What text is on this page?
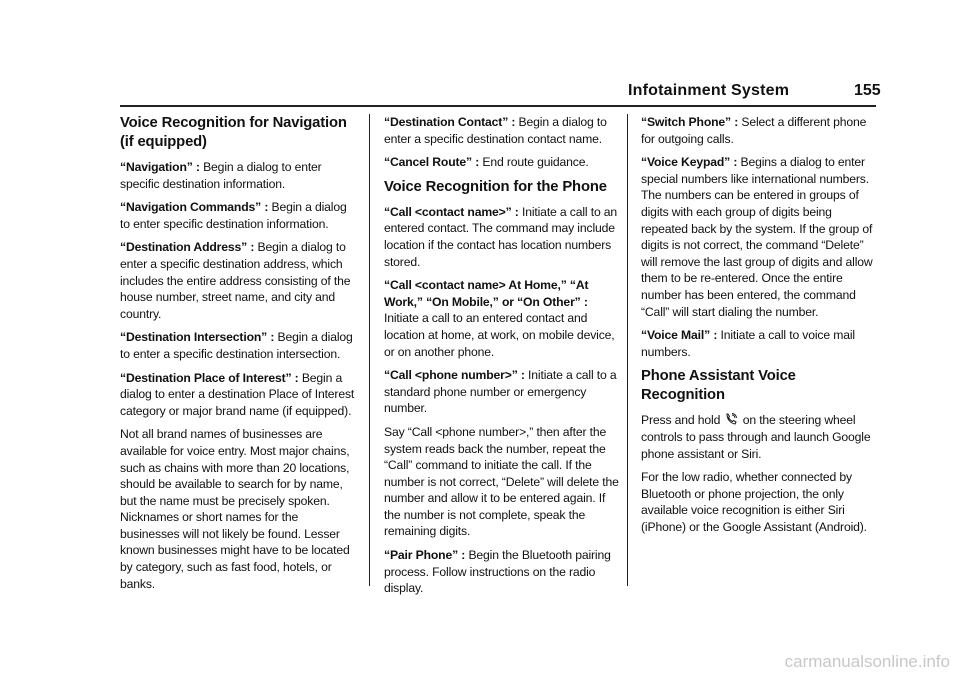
Infotainment System	155
Voice Recognition for Navigation (if equipped)

“Navigation” : Begin a dialog to enter specific destination information.

“Navigation Commands” : Begin a dialog to enter specific destination information.

“Destination Address” : Begin a dialog to enter a specific destination address, which includes the entire address consisting of the house number, street name, and city and country.

“Destination Intersection” : Begin a dialog to enter a specific destination intersection.

“Destination Place of Interest” : Begin a dialog to enter a destination Place of Interest category or major brand name (if equipped).

Not all brand names of businesses are available for voice entry. Most major chains, such as chains with more than 20 locations, should be available to search for by name, but the name must be precisely spoken. Nicknames or short names for the businesses will not likely be found. Lesser known businesses might have to be located by category, such as fast food, hotels, or banks.

“Destination Contact” : Begin a dialog to enter a specific destination contact name.

“Cancel Route” : End route guidance.

Voice Recognition for the Phone

“Call <contact name>” : Initiate a call to an entered contact. The command may include location if the contact has location numbers stored.

“Call <contact name> At Home,” “At Work,” “On Mobile,” or “On Other” : Initiate a call to an entered contact and location at home, at work, on mobile device, or on another phone.

“Call <phone number>” : Initiate a call to a standard phone number or emergency number.

Say “Call <phone number>,” then after the system reads back the number, repeat the “Call” command to initiate the call. If the number is not correct, “Delete” will delete the number and allow it to be entered again. If the number is not complete, speak the remaining digits.

“Pair Phone” : Begin the Bluetooth pairing process. Follow instructions on the radio display.

“Switch Phone” : Select a different phone for outgoing calls.

“Voice Keypad” : Begins a dialog to enter special numbers like international numbers. The numbers can be entered in groups of digits with each group of digits being repeated back by the system. If the group of digits is not correct, the command “Delete” will remove the last group of digits and allow them to be re-entered. Once the entire number has been entered, the command “Call” will start dialing the number.

“Voice Mail” : Initiate a call to voice mail numbers.

Phone Assistant Voice Recognition

Press and hold on the steering wheel controls to pass through and launch Google phone assistant or Siri.

For the low radio, whether connected by Bluetooth or phone projection, the only available voice recognition is either Siri (iPhone) or the Google Assistant (Android).

carmanualsonline.info
